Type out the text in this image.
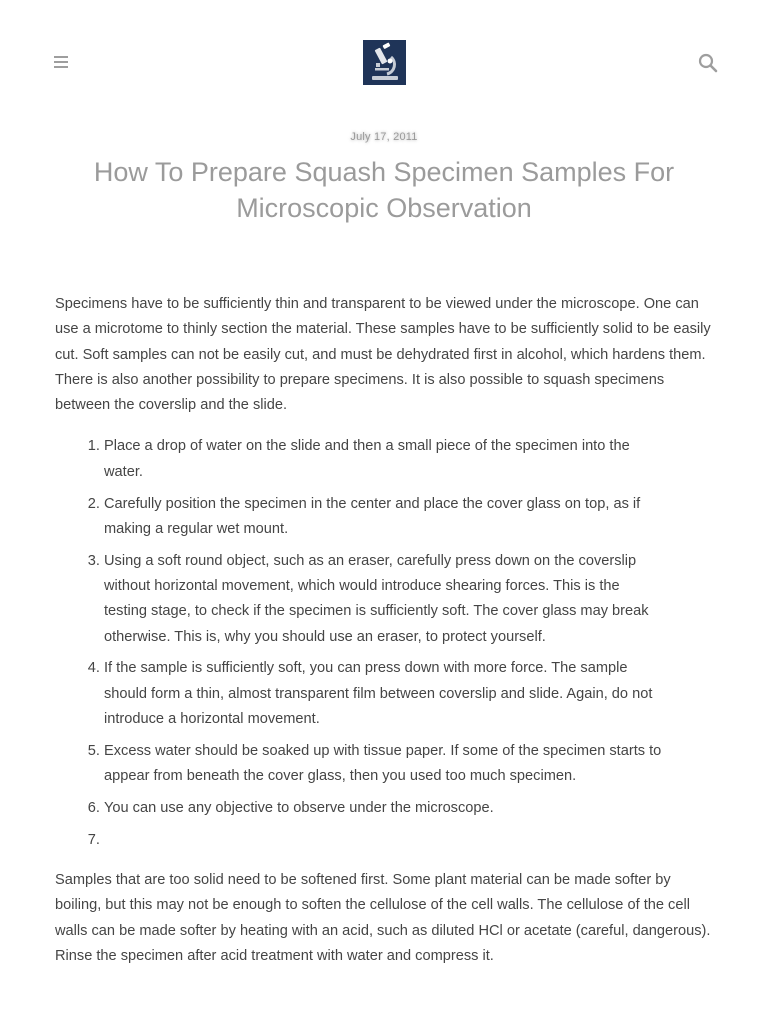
July 17, 2011
How To Prepare Squash Specimen Samples For Microscopic Observation

Specimens have to be sufficiently thin and transparent to be viewed under the microscope. One can use a microtome to thinly section the material. These samples have to be sufficiently solid to be easily cut. Soft samples can not be easily cut, and must be dehydrated first in alcohol, which hardens them. There is also another possibility to prepare specimens. It is also possible to squash specimens between the coverslip and the slide.

1. Place a drop of water on the slide and then a small piece of the specimen into the water.
2. Carefully position the specimen in the center and place the cover glass on top, as if making a regular wet mount.
3. Using a soft round object, such as an eraser, carefully press down on the coverslip without horizontal movement, which would introduce shearing forces. This is the testing stage, to check if the specimen is sufficiently soft. The cover glass may break otherwise. This is, why you should use an eraser, to protect yourself.
4. If the sample is sufficiently soft, you can press down with more force. The sample should form a thin, almost transparent film between coverslip and slide. Again, do not introduce a horizontal movement.
5. Excess water should be soaked up with tissue paper. If some of the specimen starts to appear from beneath the cover glass, then you used too much specimen.
6. You can use any objective to observe under the microscope.
7.

Samples that are too solid need to be softened first. Some plant material can be made softer by boiling, but this may not be enough to soften the cellulose of the cell walls. The cellulose of the cell walls can be made softer by heating with an acid, such as diluted HCl or acetate (careful, dangerous). Rinse the specimen after acid treatment with water and compress it.
